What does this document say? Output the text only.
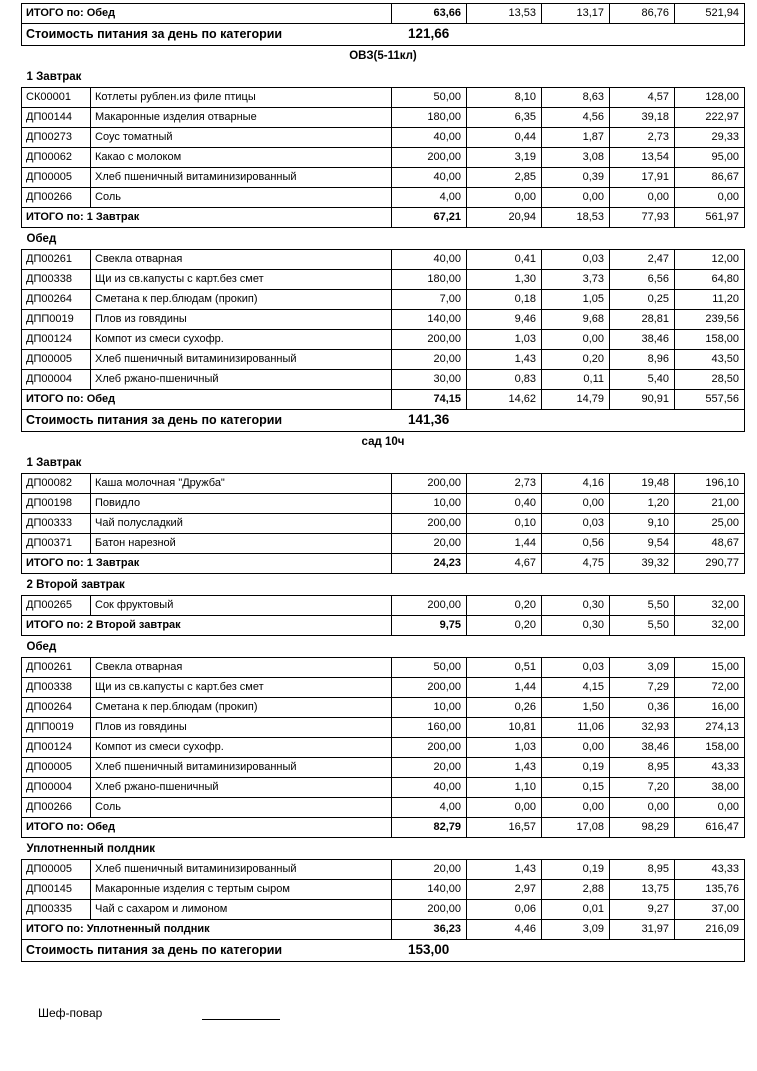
ИТОГО по: Обед		63,66	13,53	13,17	86,76	521,94

Стоимость питания за день по категории 121,66						

ОВЗ(5-11кл)						
1 Завтрак						
СК00001	Котлеты рублен.из филе птицы	50,00	8,10	8,63	4,57	128,00
ДП00144	Макаронные изделия отварные	180,00	6,35	4,56	39,18	222,97
ДП00273	Соус томатный	40,00	0,44	1,87	2,73	29,33
ДП00062	Какао с молоком	200,00	3,19	3,08	13,54	95,00
ДП00005	Хлеб пшеничный витаминизированный	40,00	2,85	0,39	17,91	86,67
ДП00266	Соль	4,00	0,00	0,00	0,00	0,00
ИТОГО по: 1 Завтрак		67,21	20,94	18,53	77,93	561,97
Обед						
ДП00261	Свекла отварная	40,00	0,41	0,03	2,47	12,00
ДП00338	Щи из св.капусты с карт.без смет	180,00	1,30	3,73	6,56	64,80
ДП00264	Сметана к пер.блюдам (прокип)	7,00	0,18	1,05	0,25	11,20
ДПП0019	Плов из говядины	140,00	9,46	9,68	28,81	239,56
ДП00124	Компот из смеси сухофр.	200,00	1,03	0,00	38,46	158,00
ДП00005	Хлеб пшеничный витаминизированный	20,00	1,43	0,20	8,96	43,50
ДП00004	Хлеб ржано-пшеничный	30,00	0,83	0,11	5,40	28,50
ИТОГО по: Обед		74,15	14,62	14,79	90,91	557,56

Стоимость питания за день по категории 141,36						

сад 10ч						
1 Завтрак						
ДП00082	Каша молочная "Дружба"	200,00	2,73	4,16	19,48	196,10
ДП00198	Повидло	10,00	0,40	0,00	1,20	21,00
ДП00333	Чай полусладкий	200,00	0,10	0,03	9,10	25,00
ДП00371	Батон нарезной	20,00	1,44	0,56	9,54	48,67
ИТОГО по: 1 Завтрак		24,23	4,67	4,75	39,32	290,77
2 Второй завтрак						
ДП00265	Сок фруктовый	200,00	0,20	0,30	5,50	32,00
ИТОГО по: 2 Второй завтрак		9,75	0,20	0,30	5,50	32,00
Обед						
ДП00261	Свекла отварная	50,00	0,51	0,03	3,09	15,00
ДП00338	Щи из св.капусты с карт.без смет	200,00	1,44	4,15	7,29	72,00
ДП00264	Сметана к пер.блюдам (прокип)	10,00	0,26	1,50	0,36	16,00
ДПП0019	Плов из говядины	160,00	10,81	11,06	32,93	274,13
ДП00124	Компот из смеси сухофр.	200,00	1,03	0,00	38,46	158,00
ДП00005	Хлеб пшеничный витаминизированный	20,00	1,43	0,19	8,95	43,33
ДП00004	Хлеб ржано-пшеничный	40,00	1,10	0,15	7,20	38,00
ДП00266	Соль	4,00	0,00	0,00	0,00	0,00
ИТОГО по: Обед		82,79	16,57	17,08	98,29	616,47
Уплотненный полдник						
ДП00005	Хлеб пшеничный витаминизированный	20,00	1,43	0,19	8,95	43,33
ДП00145	Макаронные изделия с тертым сыром	140,00	2,97	2,88	13,75	135,76
ДП00335	Чай с сахаром и лимоном	200,00	0,06	0,01	9,27	37,00
ИТОГО по: Уплотненный полдник		36,23	4,46	3,09	31,97	216,09

Стоимость питания за день по категории 153,00						
Шеф-повар
